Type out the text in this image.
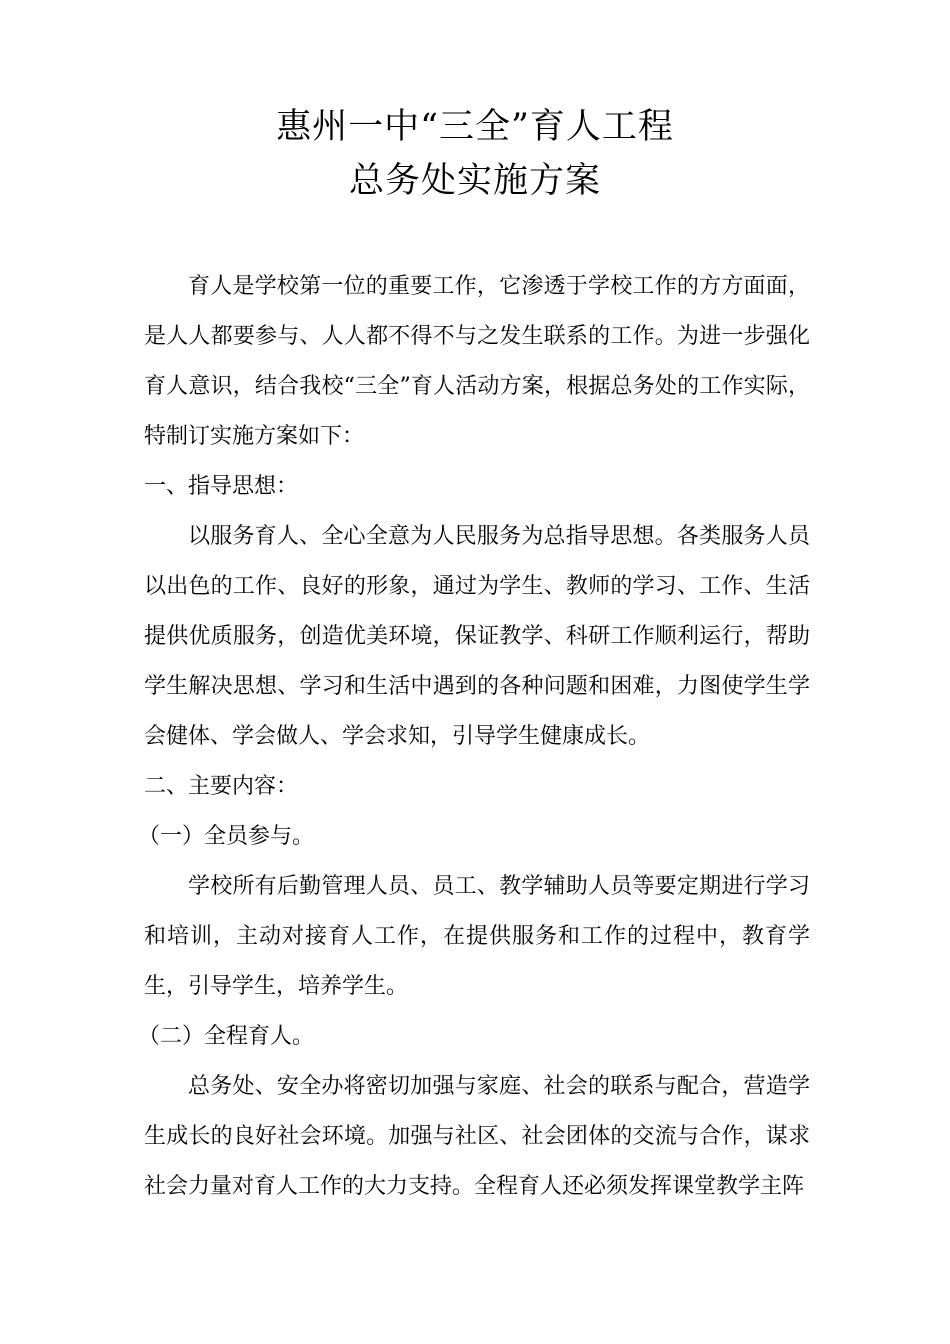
惠州一中“三全”育人工程
总务处实施方案

育人是学校第一位的重要工作，它渗透于学校工作的方方面面，是人人都要参与、人人都不得不与之发生联系的工作。为进一步强化育人意识，结合我校“三全”育人活动方案，根据总务处的工作实际，特制订实施方案如下：

一、指导思想：

以服务育人、全心全意为人民服务为总指导思想。各类服务人员以出色的工作、良好的形象，通过为学生、教师的学习、工作、生活提供优质服务，创造优美环境，保证教学、科研工作顺利运行，帮助学生解决思想、学习和生活中遇到的各种问题和困难，力图使学生学会健体、学会做人、学会求知，引导学生健康成长。

二、主要内容：

（一）全员参与。

学校所有后勤管理人员、员工、教学辅助人员等要定期进行学习和培训，主动对接育人工作，在提供服务和工作的过程中，教育学生，引导学生，培养学生。

（二）全程育人。

总务处、安全办将密切加强与家庭、社会的联系与配合，营造学生成长的良好社会环境。加强与社区、社会团体的交流与合作，谋求社会力量对育人工作的大力支持。全程育人还必须发挥课堂教学主阵
